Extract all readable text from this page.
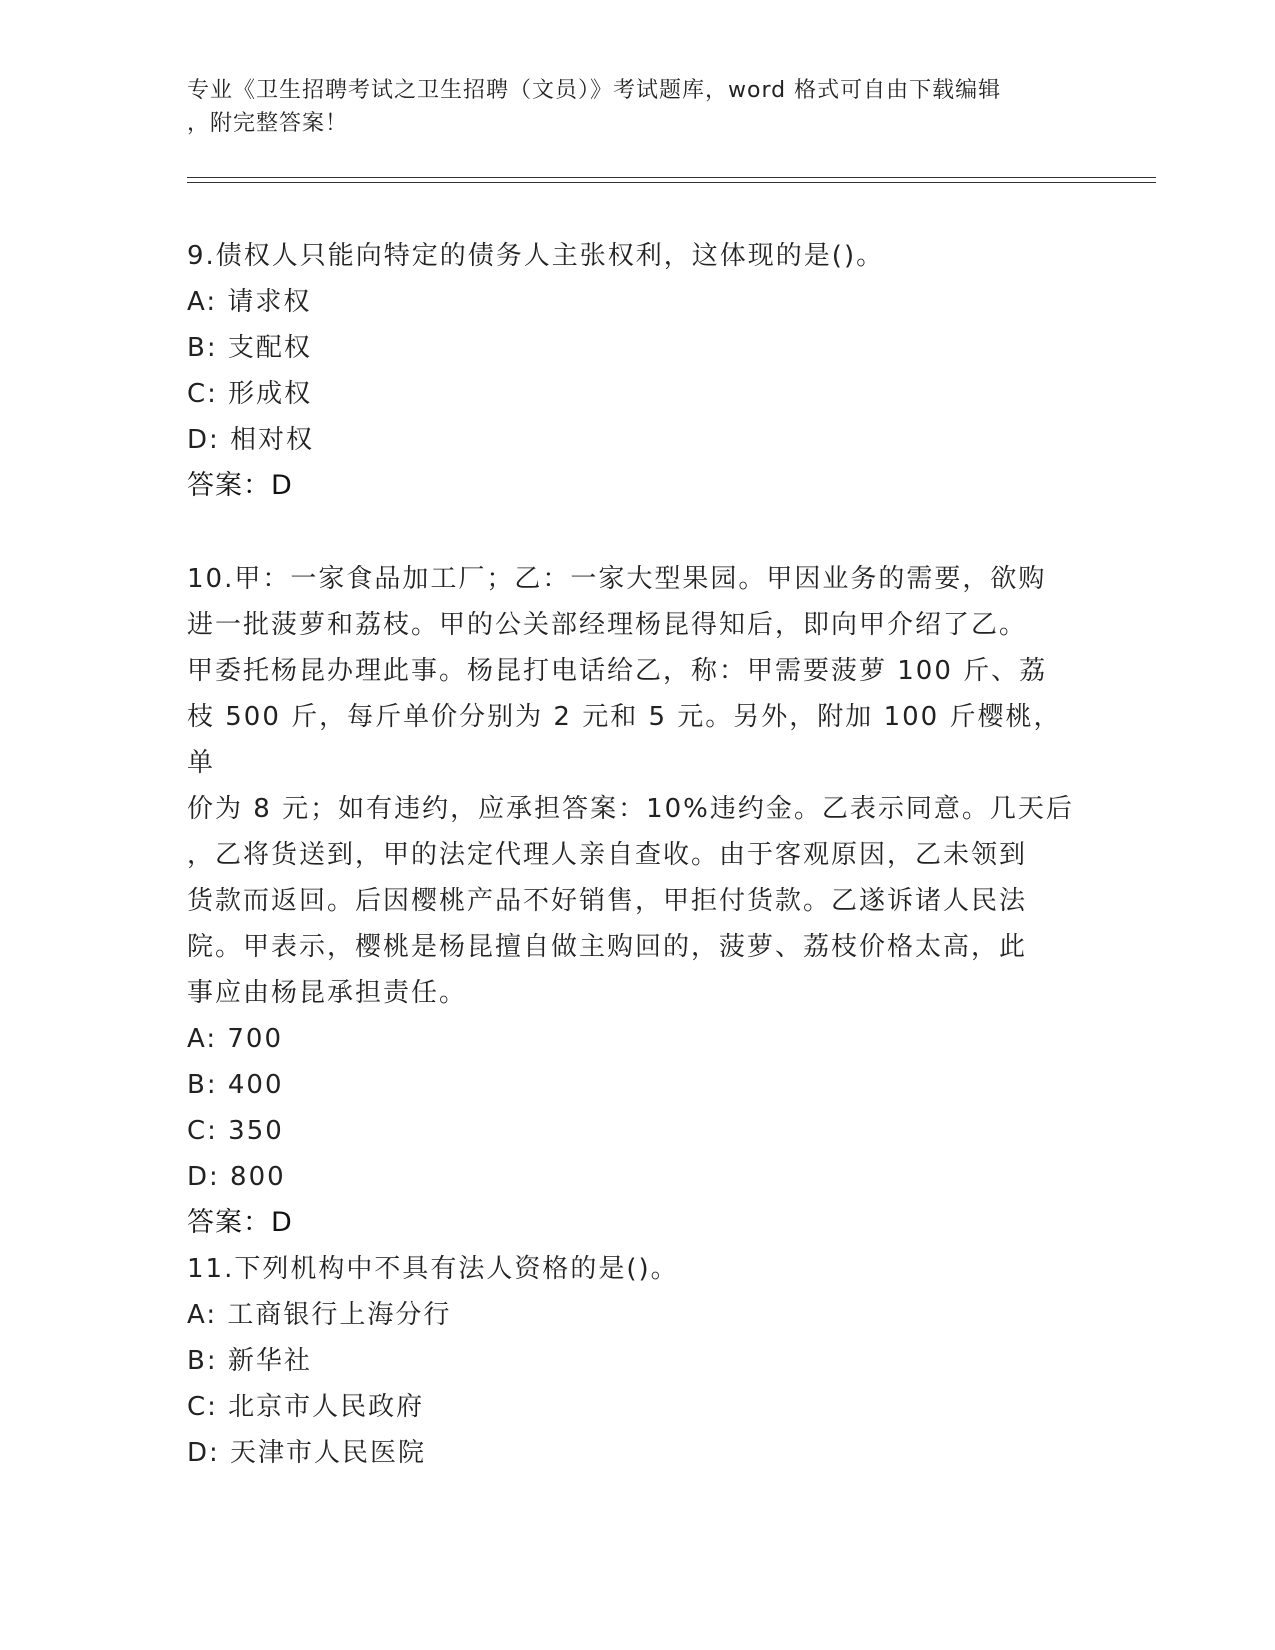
专业《卫生招聘考试之卫生招聘（文员）》考试题库，word 格式可自由下载编辑

，附完整答案！

9.债权人只能向特定的债务人主张权利，这体现的是()。

A: 请求权
B: 支配权
C: 形成权
D: 相对权
答案：D

10.甲：一家食品加工厂；乙：一家大型果园。甲因业务的需要，欲购

进一批菠萝和荔枝。甲的公关部经理杨昆得知后，即向甲介绍了乙。

甲委托杨昆办理此事。杨昆打电话给乙，称：甲需要菠萝 100 斤、荔

枝 500 斤，每斤单价分别为 2 元和 5 元。另外，附加 100 斤樱桃，单

价为 8 元；如有违约，应承担答案：10%违约金。乙表示同意。几天后

，乙将货送到，甲的法定代理人亲自查收。由于客观原因，乙未领到

货款而返回。后因樱桃产品不好销售，甲拒付货款。乙遂诉诸人民法

院。甲表示，樱桃是杨昆擅自做主购回的，菠萝、荔枝价格太高，此

事应由杨昆承担责任。

A: 700
B: 400
C: 350
D: 800
答案：D

11.下列机构中不具有法人资格的是()。

A: 工商银行上海分行
B: 新华社
C: 北京市人民政府
D: 天津市人民医院
